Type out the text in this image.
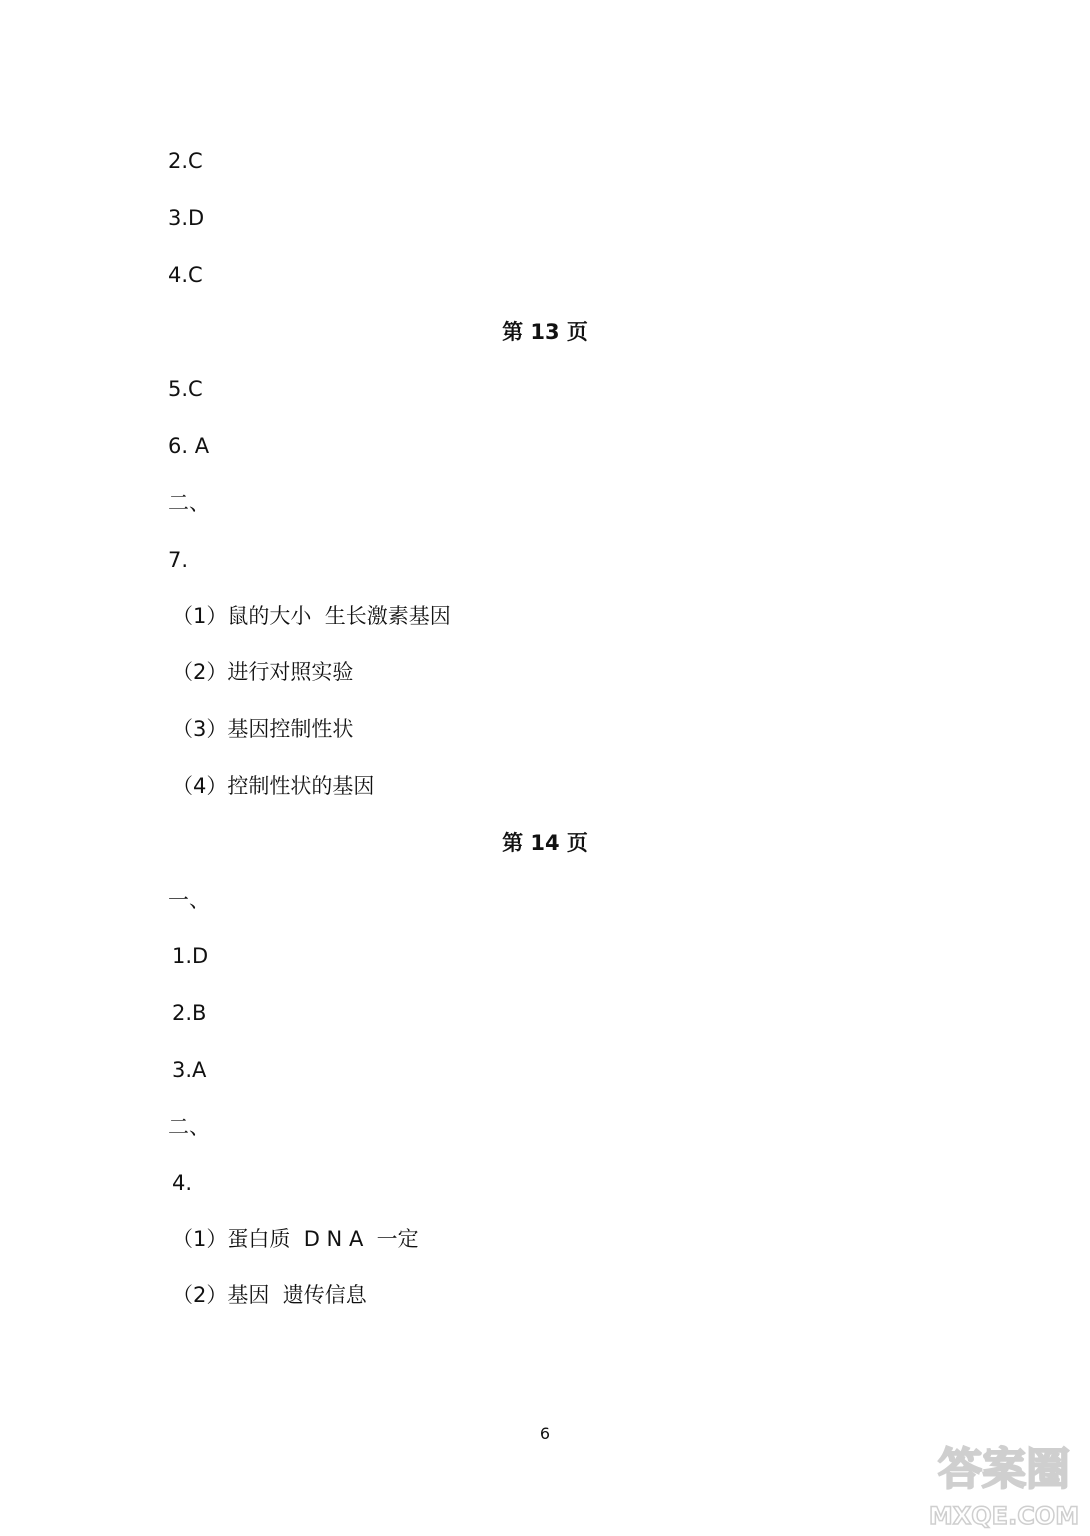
2.C

3.D

4.C

第 13 页

5.C

6. A

二、

7.

（1）鼠的大小  生长激素基因

（2）进行对照实验

（3）基因控制性状

（4）控制性状的基因

第 14 页

一、

1.D

2.B

3.A

二、

4.

（1）蛋白质  D N A  一定

（2）基因  遗传信息

6

答案圈
MXQE.COM
